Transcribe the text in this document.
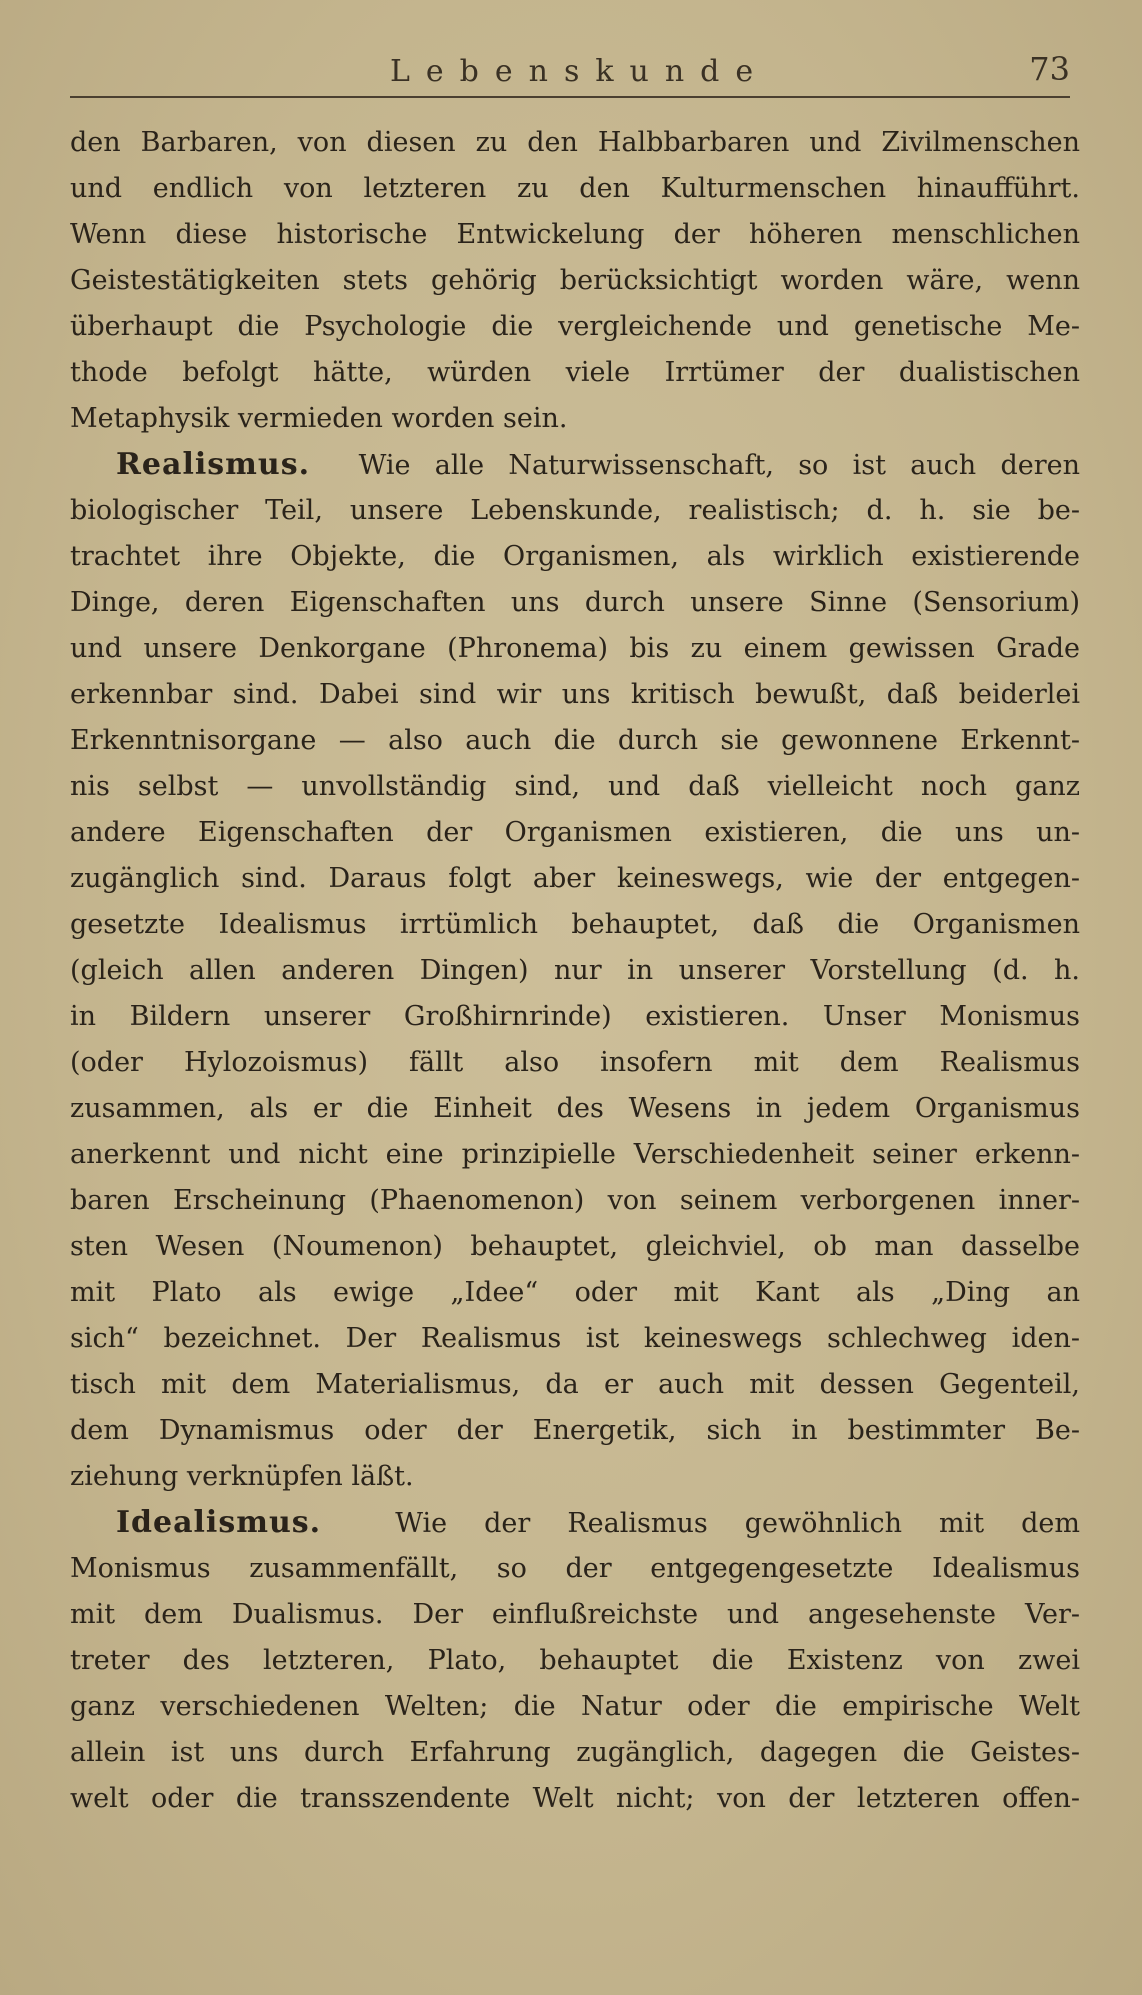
Lebenskunde	73
den Barbaren, von diesen zu den Halbbarbaren und Zivilmenschen
und endlich von letzteren zu den Kulturmenschen hinaufführt.
Wenn diese historische Entwickelung der höheren menschlichen
Geistestätigkeiten stets gehörig berücksichtigt worden wäre, wenn
überhaupt die Psychologie die vergleichende und genetische Me-
thode befolgt hätte, würden viele Irrtümer der dualistischen
Metaphysik vermieden worden sein.
Realismus. Wie alle Naturwissenschaft, so ist auch deren
biologischer Teil, unsere Lebenskunde, realistisch; d. h. sie be-
trachtet ihre Objekte, die Organismen, als wirklich existierende
Dinge, deren Eigenschaften uns durch unsere Sinne (Sensorium)
und unsere Denkorgane (Phronema) bis zu einem gewissen Grade
erkennbar sind. Dabei sind wir uns kritisch bewußt, daß beiderlei
Erkenntnisorgane — also auch die durch sie gewonnene Erkennt-
nis selbst — unvollständig sind, und daß vielleicht noch ganz
andere Eigenschaften der Organismen existieren, die uns un-
zugänglich sind. Daraus folgt aber keineswegs, wie der entgegen-
gesetzte Idealismus irrtümlich behauptet, daß die Organismen
(gleich allen anderen Dingen) nur in unserer Vorstellung (d. h.
in Bildern unserer Großhirnrinde) existieren. Unser Monismus
(oder Hylozoismus) fällt also insofern mit dem Realismus
zusammen, als er die Einheit des Wesens in jedem Organismus
anerkennt und nicht eine prinzipielle Verschiedenheit seiner erkenn-
baren Erscheinung (Phaenomenon) von seinem verborgenen inner-
sten Wesen (Noumenon) behauptet, gleichviel, ob man dasselbe
mit Plato als ewige „Idee“ oder mit Kant als „Ding an
sich“ bezeichnet. Der Realismus ist keineswegs schlechweg iden-
tisch mit dem Materialismus, da er auch mit dessen Gegenteil,
dem Dynamismus oder der Energetik, sich in bestimmter Be-
ziehung verknüpfen läßt.
Idealismus.	Wie der Realismus gewöhnlich mit dem
Monismus zusammenfällt, so der entgegengesetzte Idealismus
mit dem Dualismus. Der einflußreichste und angesehenste Ver-
treter des letzteren, Plato, behauptet die Existenz von zwei
ganz verschiedenen Welten; die Natur oder die empirische Welt
allein ist uns durch Erfahrung zugänglich, dagegen die Geistes-
welt oder die transszendente Welt nicht; von der letzteren offen-
